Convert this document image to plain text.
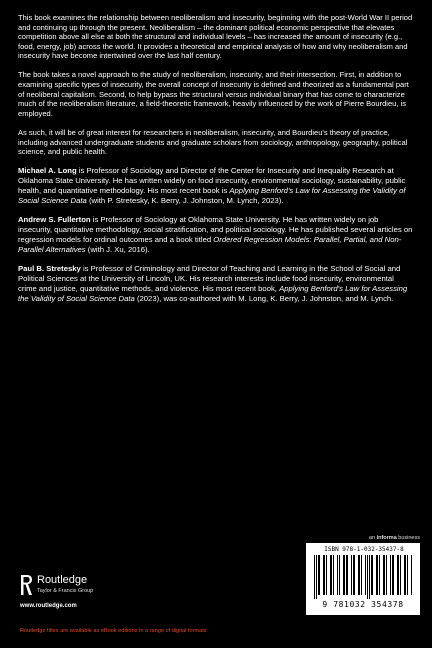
This book examines the relationship between neoliberalism and insecurity, beginning with the post-World War II period and continuing up through the present. Neoliberalism – the dominant political economic perspective that elevates competition above all else at both the structural and individual levels – has increased the amount of insecurity (e.g., food, energy, job) across the world. It provides a theoretical and empirical analysis of how and why neoliberalism and insecurity have become intertwined over the last half century.

The book takes a novel approach to the study of neoliberalism, insecurity, and their intersection. First, in addition to examining specific types of insecurity, the overall concept of insecurity is defined and theorized as a fundamental part of neoliberal capitalism. Second, to help bypass the structural versus individual binary that has come to characterize much of the neoliberalism literature, a field-theoretic framework, heavily influenced by the work of Pierre Bourdieu, is employed.

As such, it will be of great interest for researchers in neoliberalism, insecurity, and Bourdieu's theory of practice, including advanced undergraduate students and graduate scholars from sociology, anthropology, geography, political science, and public health.

Michael A. Long is Professor of Sociology and Director of the Center for Insecurity and Inequality Research at Oklahoma State University. He has written widely on food insecurity, environmental sociology, sustainability, public health, and quantitative methodology. His most recent book is Applying Benford's Law for Assessing the Validity of Social Science Data (with P. Stretesky, K. Berry, J. Johnston, M. Lynch, 2023).

Andrew S. Fullerton is Professor of Sociology at Oklahoma State University. He has written widely on job insecurity, quantitative methodology, social stratification, and political sociology. He has published several articles on regression models for ordinal outcomes and a book titled Ordered Regression Models: Parallel, Partial, and Non-Parallel Alternatives (with J. Xu, 2016).

Paul B. Stretesky is Professor of Criminology and Director of Teaching and Learning in the School of Social and Political Sciences at the University of Lincoln, UK. His research interests include food insecurity, environmental crime and justice, quantitative methods, and violence. His most recent book, Applying Benford's Law for Assessing the Validity of Social Science Data (2023), was co-authored with M. Long, K. Berry, J. Johnston, and M. Lynch.

an informa business
ISBN 978-1-032-35437-8
9 781032 354378
Routledge
Taylor & Francis Group
www.routledge.com
Routledge titles are available as eBook editions in a range of digital formats
